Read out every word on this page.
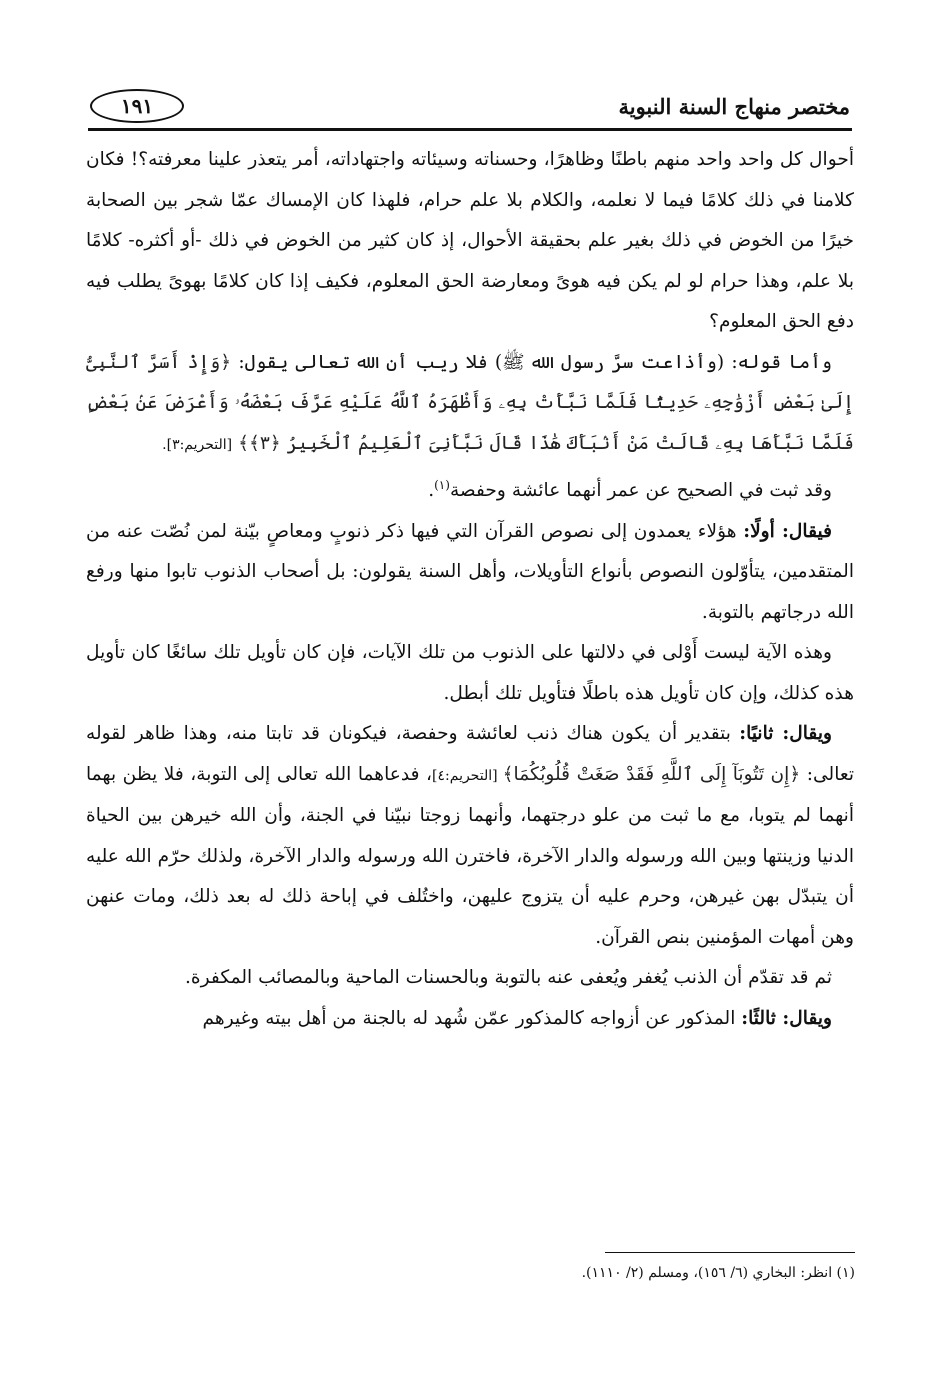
مختصر منهاج السنة النبوية
١٩١

أحوال كل واحد واحد منهم باطنًا وظاهرًا، وحسناته وسيئاته واجتهاداته، أمر يتعذر علينا معرفته؟! فكان كلامنا في ذلك كلامًا فيما لا نعلمه، والكلام بلا علم حرام، فلهذا كان الإمساك عمّا شجر بين الصحابة خيرًا من الخوض في ذلك بغير علم بحقيقة الأحوال، إذ كان كثير من الخوض في ذلك -أو أكثره- كلامًا بلا علم، وهذا حرام لو لم يكن فيه هوىً ومعارضة الحق المعلوم، فكيف إذا كان كلامًا بهوىً يطلب فيه دفع الحق المعلوم؟

وأما قوله: (وأذاعت سرَّ رسول الله ﷺ) فلا ريب أن الله تعالى يقول: ﴿وَإِذْ أَسَرَّ ٱلنَّبِىُّ إِلَىٰ بَعْضِ أَزْوَٰجِهِۦ حَدِيثًا فَلَمَّا نَبَّأَتْ بِهِۦ وَأَظْهَرَهُ ٱللَّهُ عَلَيْهِ عَرَّفَ بَعْضَهُۥ وَأَعْرَضَ عَنۢ بَعْضٍ فَلَمَّا نَبَّأَهَا بِهِۦ قَالَتْ مَنْ أَنۢبَأَكَ هَٰذَا قَالَ نَبَّأَنِىَ ٱلْعَلِيمُ ٱلْخَبِيرُ ﴿٣﴾﴾ [التحريم:٣].

وقد ثبت في الصحيح عن عمر أنهما عائشة وحفصة$^{(١)}$.

فيقال: أولًا: هؤلاء يعمدون إلى نصوص القرآن التي فيها ذكر ذنوبٍ ومعاصٍ بيّنة لمن نُصّت عنه من المتقدمين، يتأوّلون النصوص بأنواع التأويلات، وأهل السنة يقولون: بل أصحاب الذنوب تابوا منها ورفع الله درجاتهم بالتوبة.

وهذه الآية ليست أَوْلى في دلالتها على الذنوب من تلك الآيات، فإن كان تأويل تلك سائغًا كان تأويل هذه كذلك، وإن كان تأويل هذه باطلًا فتأويل تلك أبطل.

ويقال: ثانيًا: بتقدير أن يكون هناك ذنب لعائشة وحفصة، فيكونان قد تابتا منه، وهذا ظاهر لقوله تعالى: ﴿إِن تَتُوبَآ إِلَى ٱللَّهِ فَقَدْ صَغَتْ قُلُوبُكُمَا﴾ [التحريم:٤]، فدعاهما الله تعالى إلى التوبة، فلا يظن بهما أنهما لم يتوبا، مع ما ثبت من علو درجتهما، وأنهما زوجتا نبيّنا في الجنة، وأن الله خيرهن بين الحياة الدنيا وزينتها وبين الله ورسوله والدار الآخرة، فاخترن الله ورسوله والدار الآخرة، ولذلك حرّم الله عليه أن يتبدّل بهن غيرهن، وحرم عليه أن يتزوج عليهن، واختُلف في إباحة ذلك له بعد ذلك، ومات عنهن وهن أمهات المؤمنين بنص القرآن.

ثم قد تقدّم أن الذنب يُغفر ويُعفى عنه بالتوبة وبالحسنات الماحية وبالمصائب المكفرة.

ويقال: ثالثًا: المذكور عن أزواجه كالمذكور عمّن شُهد له بالجنة من أهل بيته وغيرهم

(١) انظر: البخاري (٦/ ١٥٦)، ومسلم (٢/ ١١١٠).
